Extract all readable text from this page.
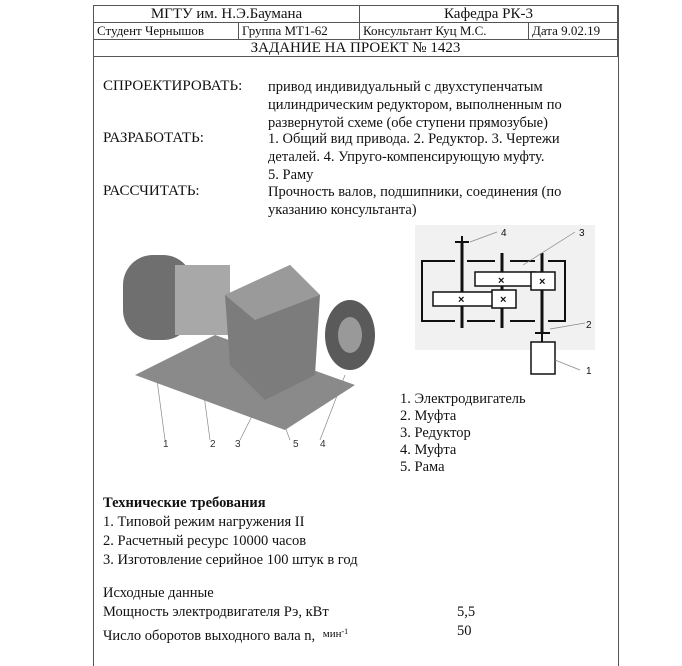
МГТУ им. Н.Э.Баумана		Кафедра РК-3	
Студент Чернышов	Группа МТ1-62	Консультант Куц М.С.	Дата 9.02.19
ЗАДАНИЕ НА ПРОЕКТ № 1423			
СПРОЕКТИРОВАТЬ: привод индивидуальный с двухступенчатым
цилиндрическим редуктором, выполненным по
развернутой схеме (обе ступени прямозубые)
РАЗРАБОТАТЬ:	1. Общий вид привода. 2. Редуктор. 3. Чертежи
деталей. 4. Упруго-компенсирующую муфту.
5. Раму
РАССЧИТАТЬ:	Прочность валов, подшипники, соединения (по
указанию консультанта)
1	2 3	5 4
×	×
×	×
4	3
2
1
1. Электродвигатель
2. Муфта
3. Редуктор
4. Муфта
5. Рама
Технические требования
1. Типовой режим нагружения II
2. Расчетный ресурс 10000 часов
3. Изготовление серийное 100 штук в год
Исходные данные
Мощность электродвигателя Рэ, кВт	5,5
Число оборотов выходного вала n, $^{мин-1}$	50
